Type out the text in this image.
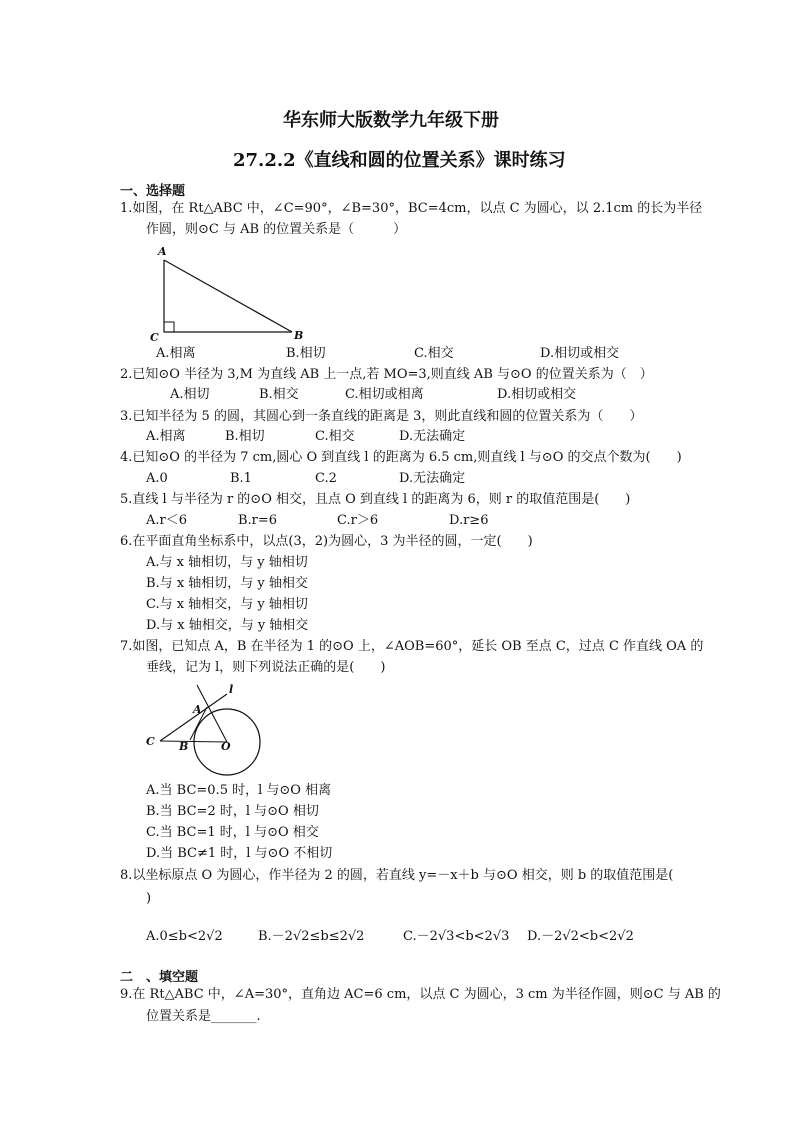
华东师大版数学九年级下册
27.2.2《直线和圆的位置关系》课时练习
一、选择题
1.如图，在 Rt△ABC 中，∠C=90°，∠B=30°，BC=4cm，以点 C 为圆心，以 2.1cm 的长为半径
作圆，则⊙C 与 AB 的位置关系是（　　　）
A
C	B
A.相离	B.相切	C.相交	D.相切或相交
2.已知⊙O 半径为 3,M 为直线 AB 上一点,若 MO=3,则直线 AB 与⊙O 的位置关系为（　）
A.相切	B.相交	C.相切或相离	D.相切或相交
3.已知半径为 5 的圆，其圆心到一条直线的距离是 3，则此直线和圆的位置关系为（　　）
A.相离	B.相切	C.相交	D.无法确定
4.已知⊙O 的半径为 7 cm,圆心 O 到直线 l 的距离为 6.5 cm,则直线 l 与⊙O 的交点个数为(　　)
A.0	B.1	C.2	D.无法确定
5.直线 l 与半径为 r 的⊙O 相交，且点 O 到直线 l 的距离为 6，则 r 的取值范围是(　　)
A.r＜6	B.r=6	C.r＞6	D.r≥6
6.在平面直角坐标系中，以点(3，2)为圆心，3 为半径的圆，一定(　　)
A.与 x 轴相切，与 y 轴相切
B.与 x 轴相切，与 y 轴相交
C.与 x 轴相交，与 y 轴相切
D.与 x 轴相交，与 y 轴相交
7.如图，已知点 A，B 在半径为 1 的⊙O 上，∠AOB=60°，延长 OB 至点 C，过点 C 作直线 OA 的
垂线，记为 l，则下列说法正确的是(　　)
l
A
C B	O
A.当 BC=0.5 时，l 与⊙O 相离
B.当 BC=2 时，l 与⊙O 相切
C.当 BC=1 时，l 与⊙O 相交
D.当 BC≠1 时，l 与⊙O 不相切
8.以坐标原点 O 为圆心，作半径为 2 的圆，若直线 y=－x＋b 与⊙O 相交，则 b 的取值范围是(
)
A.0≤b<2√2	B.－2√2≤b≤2√2	C.－2√3<b<2√3 D.－2√2<b<2√2
二　、填空题
9.在 Rt△ABC 中，∠A=30°，直角边 AC=6 cm，以点 C 为圆心，3 cm 为半径作圆，则⊙C 与 AB 的
位置关系是_______.
